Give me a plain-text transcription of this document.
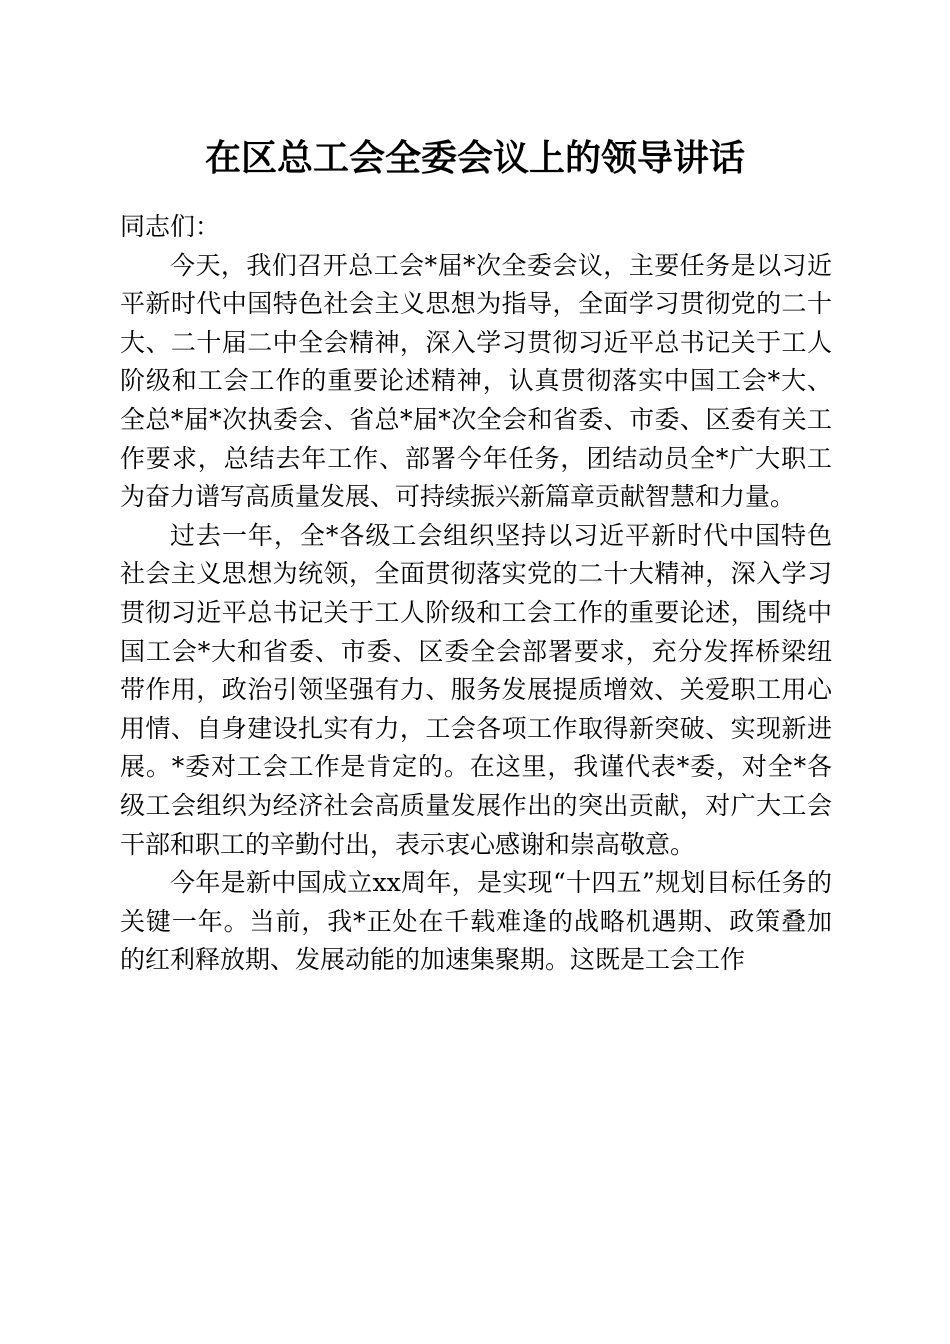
在区总工会全委会议上的领导讲话

同志们：

今天，我们召开总工会*届*次全委会议，主要任务是以习近平新时代中国特色社会主义思想为指导，全面学习贯彻党的二十大、二十届二中全会精神，深入学习贯彻习近平总书记关于工人阶级和工会工作的重要论述精神，认真贯彻落实中国工会*大、全总*届*次执委会、省总*届*次全会和省委、市委、区委有关工作要求，总结去年工作、部署今年任务，团结动员全*广大职工为奋力谱写高质量发展、可持续振兴新篇章贡献智慧和力量。

过去一年，全*各级工会组织坚持以习近平新时代中国特色社会主义思想为统领，全面贯彻落实党的二十大精神，深入学习贯彻习近平总书记关于工人阶级和工会工作的重要论述，围绕中国工会*大和省委、市委、区委全会部署要求，充分发挥桥梁纽带作用，政治引领坚强有力、服务发展提质增效、关爱职工用心用情、自身建设扎实有力，工会各项工作取得新突破、实现新进展。*委对工会工作是肯定的。在这里，我谨代表*委，对全*各级工会组织为经济社会高质量发展作出的突出贡献，对广大工会干部和职工的辛勤付出，表示衷心感谢和崇高敬意。

今年是新中国成立xx周年，是实现“十四五”规划目标任务的关键一年。当前，我*正处在千载难逢的战略机遇期、政策叠加的红利释放期、发展动能的加速集聚期。这既是工会工作
